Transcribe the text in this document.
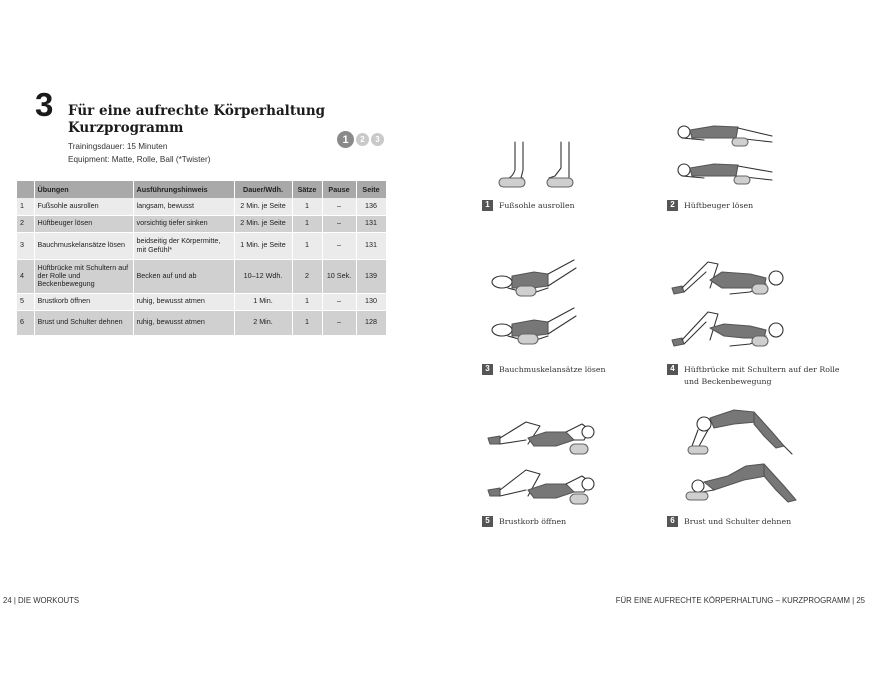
3 Für eine aufrechte Körperhaltung
Kurzprogramm
Trainingsdauer: 15 Minuten
Equipment: Matte, Rolle, Ball (*Twister)
1	2	3
	Übungen	Ausführungshinweis	Dauer/Wdh.	Sätze	Pause	Seite
1	Fußsohle ausrollen	langsam, bewusst	2 Min. je Seite	1	–	136
2	Hüftbeuger lösen	vorsichtig tiefer sinken	2 Min. je Seite	1	–	131
3	Bauchmuskelansätze lösen	beidseitig der Körpermitte, mit Gefühl*	1 Min. je Seite	1	–	131
4	Hüftbrücke mit Schultern auf der Rolle und Beckenbewegung	Becken auf und ab	10–12 Wdh.	2	10 Sek.	139
5	Brustkorb öffnen	ruhig, bewusst atmen	1 Min.	1	–	130
6	Brust und Schulter dehnen	ruhig, bewusst atmen	2 Min.	1	–	128
24 | DIE WORKOUTS
1	Fußsohle ausrollen	2	Hüftbeuger lösen
3	Bauchmuskelansätze lösen	4	Hüftbrücke mit Schultern auf der Rolle und Beckenbewegung
5	Brustkorb öffnen	6	Brust und Schulter dehnen
FÜR EINE AUFRECHTE KÖRPERHALTUNG – KURZPROGRAMM | 25
